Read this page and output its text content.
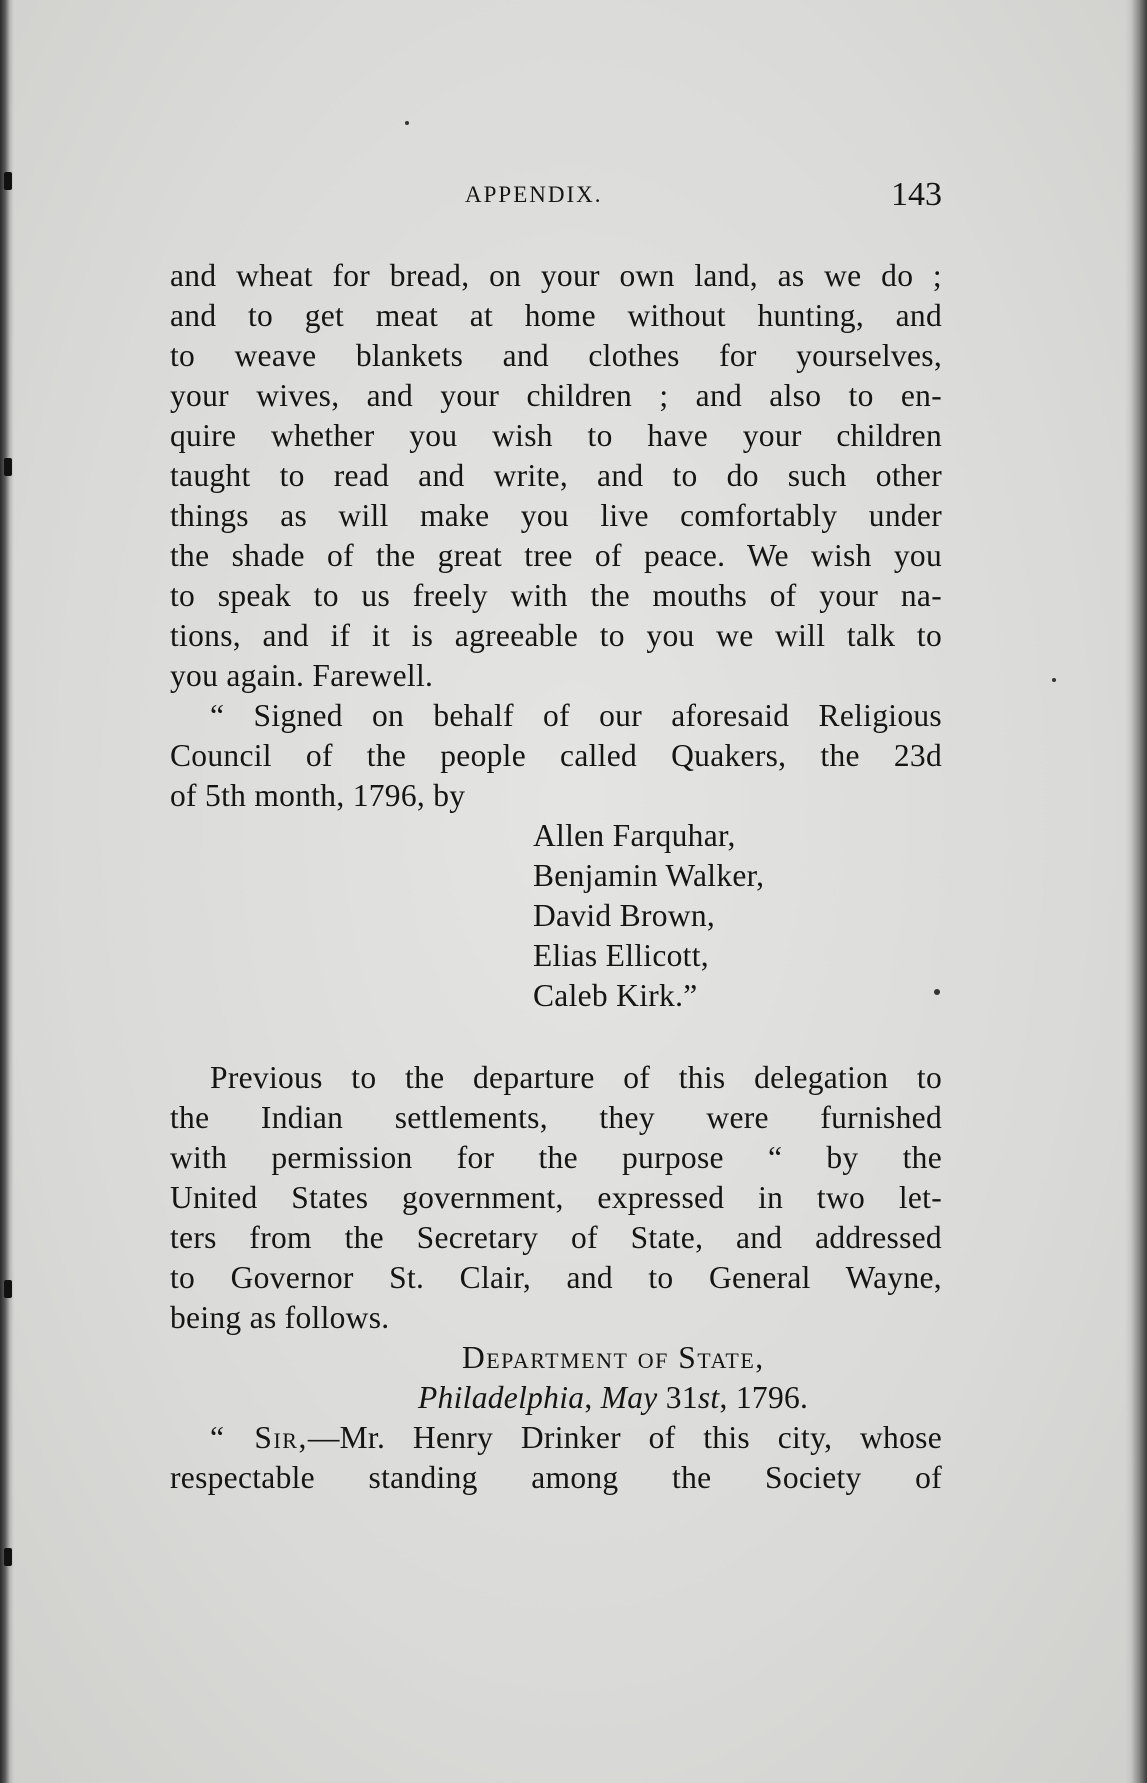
APPENDIX.	143
and wheat for bread, on your own land, as we do ;
and to get meat at home without hunting, and
to weave blankets and clothes for yourselves,
your wives, and your children ; and also to en-
quire whether you wish to have your children
taught to read and write, and to do such other
things as will make you live comfortably under
the shade of the great tree of peace. We wish you
to speak to us freely with the mouths of your na-
tions, and if it is agreeable to you we will talk to
you again. Farewell.
“ Signed on behalf of our aforesaid Religious
Council of the people called Quakers, the 23d
of 5th month, 1796, by
Allen Farquhar,
Benjamin Walker,
David Brown,
Elias Ellicott,
Caleb Kirk.”
Previous to the departure of this delegation to
the Indian settlements, they were furnished
with permission for the purpose “ by the
United States government, expressed in two let-
ters from the Secretary of State, and addressed
to Governor St. Clair, and to General Wayne,
being as follows.
Department of State,
Philadelphia, May 31st, 1796.
“ Sir,—Mr. Henry Drinker of this city, whose
respectable standing among the Society of
